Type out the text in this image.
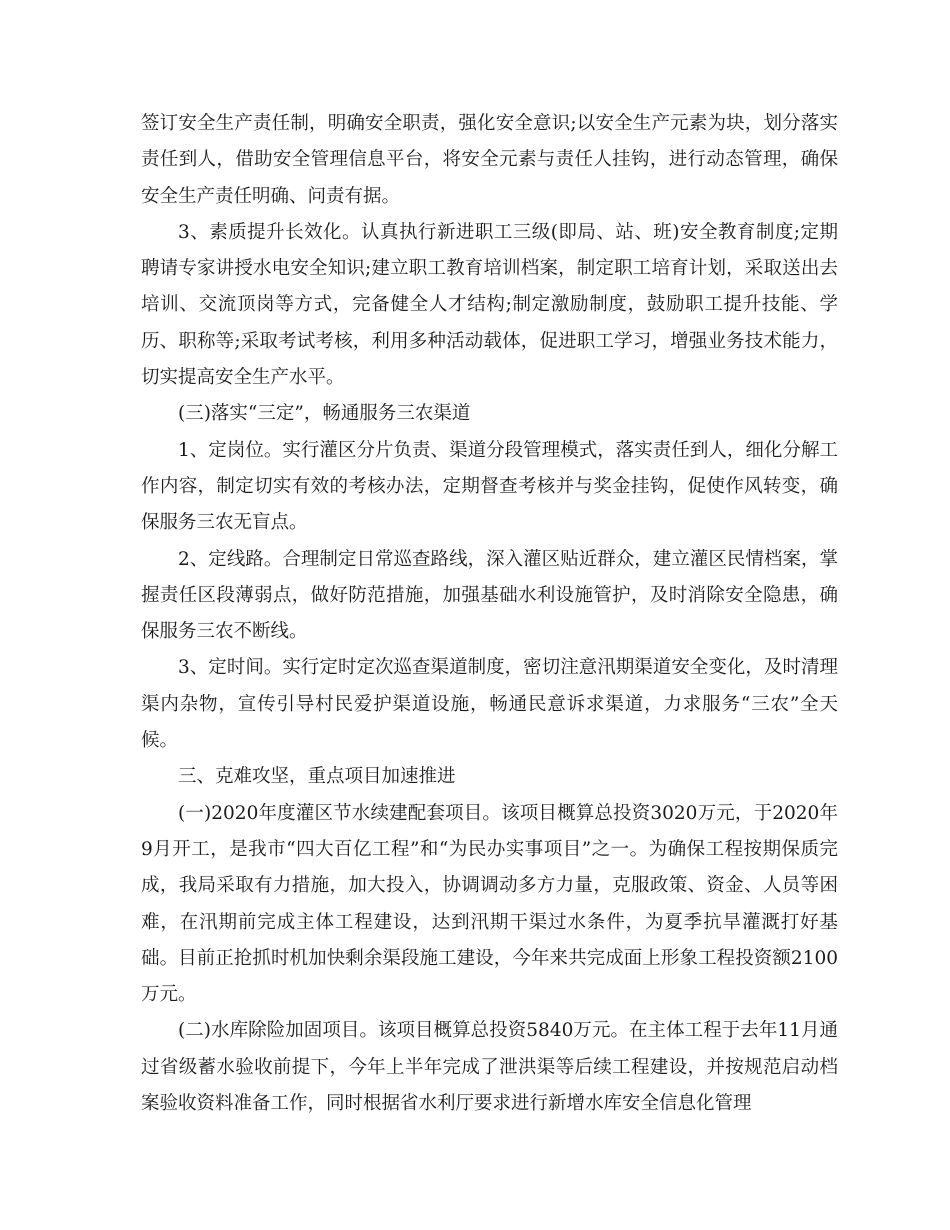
签订安全生产责任制，明确安全职责，强化安全意识;以安全生产元素为块，划分落实责任到人，借助安全管理信息平台，将安全元素与责任人挂钩，进行动态管理，确保安全生产责任明确、问责有据。

3、素质提升长效化。认真执行新进职工三级(即局、站、班)安全教育制度;定期聘请专家讲授水电安全知识;建立职工教育培训档案，制定职工培育计划，采取送出去培训、交流顶岗等方式，完备健全人才结构;制定激励制度，鼓励职工提升技能、学历、职称等;采取考试考核，利用多种活动载体，促进职工学习，增强业务技术能力，切实提高安全生产水平。

(三)落实“三定”，畅通服务三农渠道

1、定岗位。实行灌区分片负责、渠道分段管理模式，落实责任到人，细化分解工作内容，制定切实有效的考核办法，定期督查考核并与奖金挂钩，促使作风转变，确保服务三农无盲点。

2、定线路。合理制定日常巡查路线，深入灌区贴近群众，建立灌区民情档案，掌握责任区段薄弱点，做好防范措施，加强基础水利设施管护，及时消除安全隐患，确保服务三农不断线。

3、定时间。实行定时定次巡查渠道制度，密切注意汛期渠道安全变化，及时清理渠内杂物，宣传引导村民爱护渠道设施，畅通民意诉求渠道，力求服务“三农”全天候。

三、克难攻坚，重点项目加速推进

(一)2020年度灌区节水续建配套项目。该项目概算总投资3020万元，于2020年9月开工，是我市“四大百亿工程”和“为民办实事项目”之一。为确保工程按期保质完成，我局采取有力措施，加大投入，协调调动多方力量，克服政策、资金、人员等困难，在汛期前完成主体工程建设，达到汛期干渠过水条件，为夏季抗旱灌溉打好基础。目前正抢抓时机加快剩余渠段施工建设，今年来共完成面上形象工程投资额2100万元。

(二)水库除险加固项目。该项目概算总投资5840万元。在主体工程于去年11月通过省级蓄水验收前提下，今年上半年完成了泄洪渠等后续工程建设，并按规范启动档案验收资料准备工作，同时根据省水利厅要求进行新增水库安全信息化管理
